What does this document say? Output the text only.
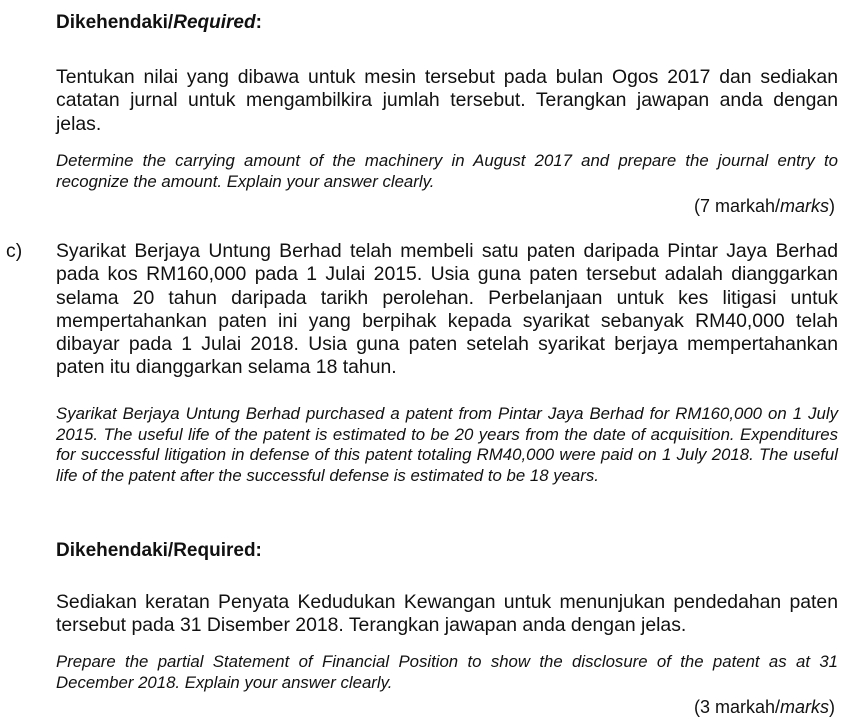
Dikehendaki/Required:
Tentukan nilai yang dibawa untuk mesin tersebut pada bulan Ogos 2017 dan sediakan catatan jurnal untuk mengambilkira jumlah tersebut. Terangkan jawapan anda dengan jelas.
Determine the carrying amount of the machinery in August 2017 and prepare the journal entry to recognize the amount. Explain your answer clearly.
(7 markah/marks)
c) Syarikat Berjaya Untung Berhad telah membeli satu paten daripada Pintar Jaya Berhad pada kos RM160,000 pada 1 Julai 2015. Usia guna paten tersebut adalah dianggarkan selama 20 tahun daripada tarikh perolehan. Perbelanjaan untuk kes litigasi untuk mempertahankan paten ini yang berpihak kepada syarikat sebanyak RM40,000 telah dibayar pada 1 Julai 2018. Usia guna paten setelah syarikat berjaya mempertahankan paten itu dianggarkan selama 18 tahun.
Syarikat Berjaya Untung Berhad purchased a patent from Pintar Jaya Berhad for RM160,000 on 1 July 2015. The useful life of the patent is estimated to be 20 years from the date of acquisition. Expenditures for successful litigation in defense of this patent totaling RM40,000 were paid on 1 July 2018. The useful life of the patent after the successful defense is estimated to be 18 years.
Dikehendaki/Required:
Sediakan keratan Penyata Kedudukan Kewangan untuk menunjukan pendedahan paten tersebut pada 31 Disember 2018. Terangkan jawapan anda dengan jelas.
Prepare the partial Statement of Financial Position to show the disclosure of the patent as at 31 December 2018. Explain your answer clearly.
(3 markah/marks)
